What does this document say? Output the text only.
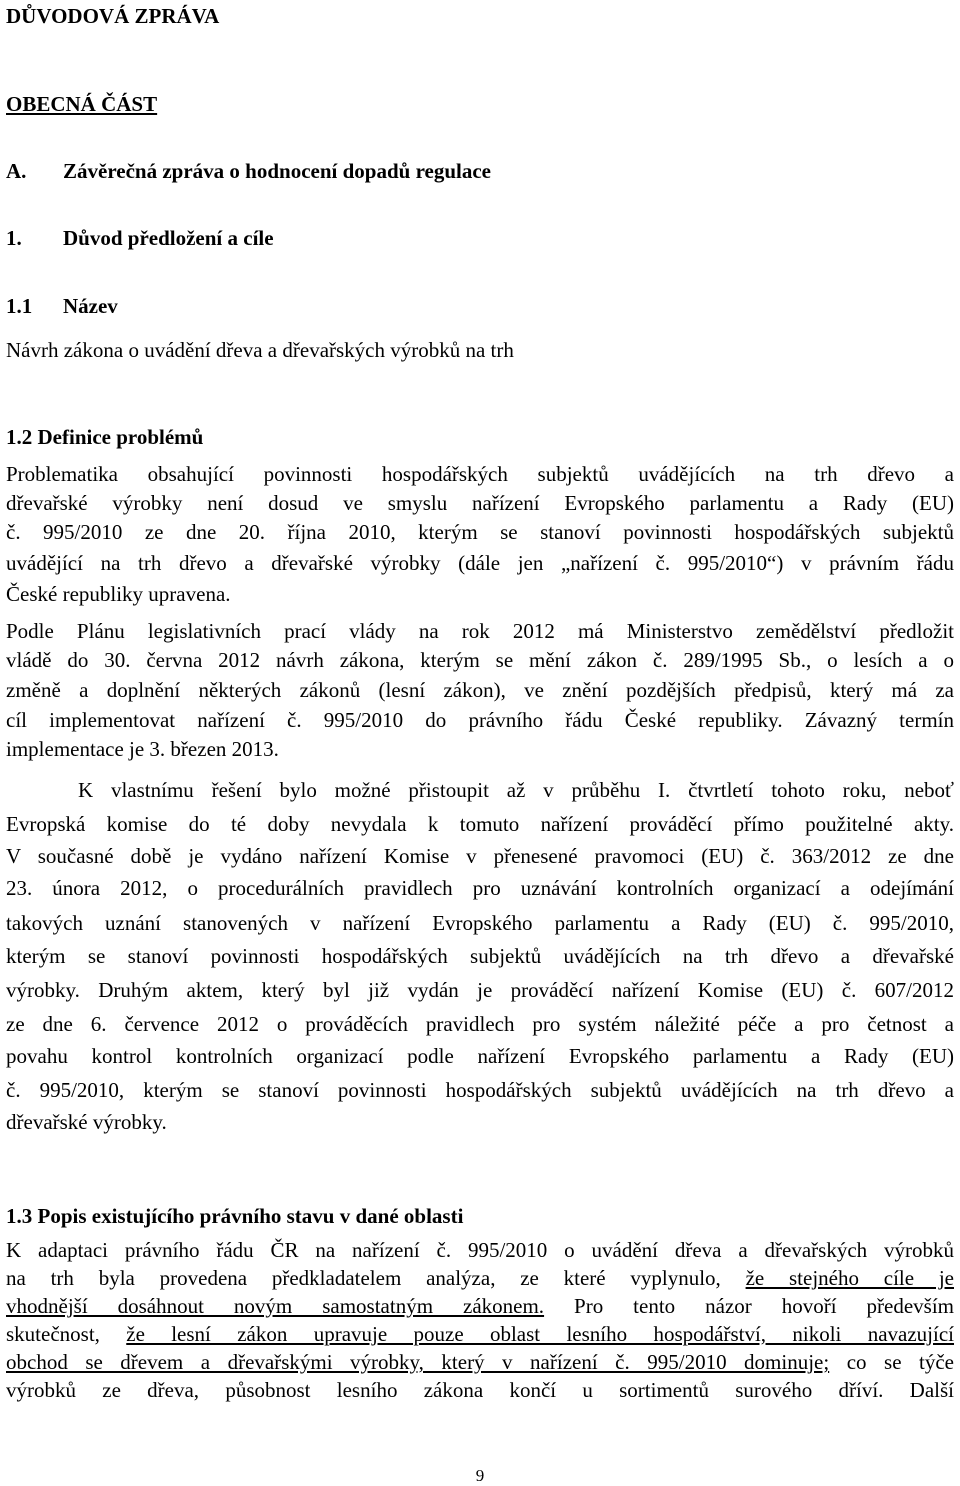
DŮVODOVÁ ZPRÁVA
OBECNÁ ČÁST
A. Závěrečná zpráva o hodnocení dopadů regulace
1. Důvod předložení a cíle
1.1 Název
Návrh zákona o uvádění dřeva a dřevařských výrobků na trh
1.2 Definice problémů
Problematika obsahující povinnosti hospodářských subjektů uvádějících na trh dřevo a
dřevařské výrobky není dosud ve smyslu nařízení Evropského parlamentu a Rady (EU)
č. 995/2010 ze dne 20. října 2010, kterým se stanoví povinnosti hospodářských subjektů
uvádějící na trh dřevo a dřevařské výrobky (dále jen „nařízení č. 995/2010“) v právním řádu
České republiky upravena.
Podle Plánu legislativních prací vlády na rok 2012 má Ministerstvo zemědělství předložit
vládě do 30. června 2012 návrh zákona, kterým se mění zákon č. 289/1995 Sb., o lesích a o
změně a doplnění některých zákonů (lesní zákon), ve znění pozdějších předpisů, který má za
cíl implementovat nařízení č. 995/2010 do právního řádu České republiky. Závazný termín
implementace je 3. březen 2013.
K vlastnímu řešení bylo možné přistoupit až v průběhu I. čtvrtletí tohoto roku, neboť
Evropská komise do té doby nevydala k tomuto nařízení prováděcí přímo použitelné akty.
V současné době je vydáno nařízení Komise v přenesené pravomoci (EU) č. 363/2012 ze dne
23. února 2012, o procedurálních pravidlech pro uznávání kontrolních organizací a odejímání
takových uznání stanovených v nařízení Evropského parlamentu a Rady (EU) č. 995/2010,
kterým se stanoví povinnosti hospodářských subjektů uvádějících na trh dřevo a dřevařské
výrobky. Druhým aktem, který byl již vydán je prováděcí nařízení Komise (EU) č. 607/2012
ze dne 6. července 2012 o prováděcích pravidlech pro systém náležité péče a pro četnost a
povahu kontrol kontrolních organizací podle nařízení Evropského parlamentu a Rady (EU)
č. 995/2010, kterým se stanoví povinnosti hospodářských subjektů uvádějících na trh dřevo a
dřevařské výrobky.
1.3 Popis existujícího právního stavu v dané oblasti
K adaptaci právního řádu ČR na nařízení č. 995/2010 o uvádění dřeva a dřevařských výrobků
na trh byla provedena předkladatelem analýza, ze které vyplynulo, že stejného cíle je
vhodnější dosáhnout novým samostatným zákonem. Pro tento názor hovoří především
skutečnost, že lesní zákon upravuje pouze oblast lesního hospodářství, nikoli navazující
obchod se dřevem a dřevařskými výrobky, který v nařízení č. 995/2010 dominuje; co se týče
výrobků ze dřeva, působnost lesního zákona končí u sortimentů surového dříví. Další
9
